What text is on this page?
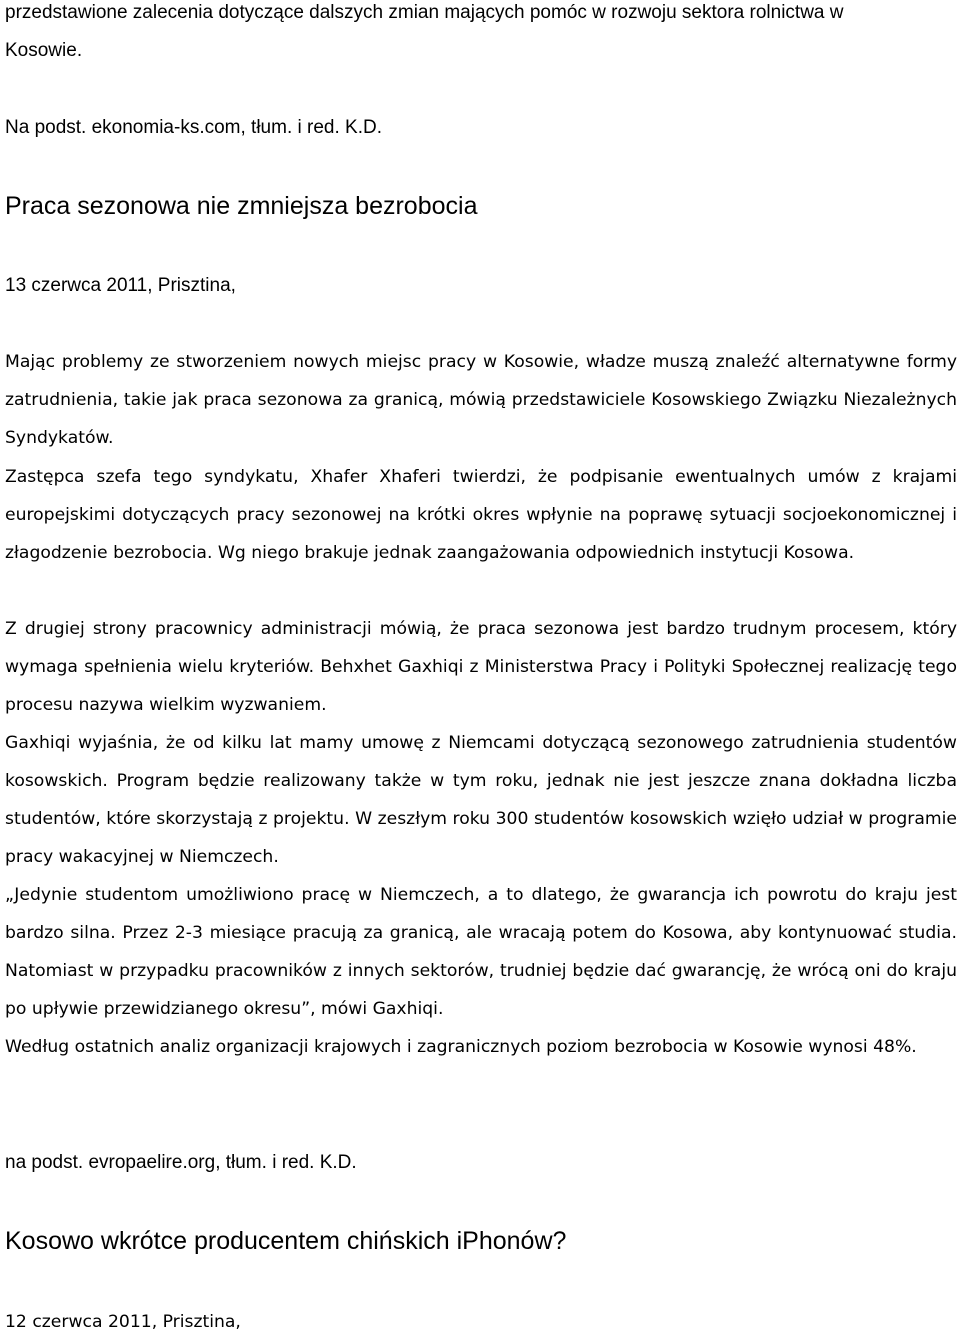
przedstawione zalecenia dotyczące dalszych zmian mających pomóc w rozwoju sektora rolnictwa w

Kosowie.

Na podst. ekonomia-ks.com, tłum. i red. K.D.

Praca sezonowa nie zmniejsza bezrobocia

13 czerwca 2011, Prisztina,

Mając problemy ze stworzeniem nowych miejsc pracy w Kosowie, władze muszą znaleźć alternatywne formy zatrudnienia, takie jak praca sezonowa za granicą, mówią przedstawiciele Kosowskiego Związku Niezależnych Syndykatów.

Zastępca szefa tego syndykatu, Xhafer Xhaferi twierdzi, że podpisanie ewentualnych umów z krajami europejskimi dotyczących pracy sezonowej na krótki okres wpłynie na poprawę sytuacji socjoekonomicznej i złagodzenie bezrobocia. Wg niego brakuje jednak zaangażowania odpowiednich instytucji Kosowa.

Z drugiej strony pracownicy administracji mówią, że praca sezonowa jest bardzo trudnym procesem, który wymaga spełnienia wielu kryteriów. Behxhet Gaxhiqi z Ministerstwa Pracy i Polityki Społecznej realizację tego procesu nazywa wielkim wyzwaniem.

Gaxhiqi wyjaśnia, że od kilku lat mamy umowę z Niemcami dotyczącą sezonowego zatrudnienia studentów kosowskich. Program będzie realizowany także w tym roku, jednak nie jest jeszcze znana dokładna liczba studentów, które skorzystają z projektu. W zeszłym roku 300 studentów kosowskich wzięło udział w programie pracy wakacyjnej w Niemczech.

„Jedynie studentom umożliwiono pracę w Niemczech, a to dlatego, że gwarancja ich powrotu do kraju jest bardzo silna. Przez 2-3 miesiące pracują za granicą, ale wracają potem do Kosowa, aby kontynuować studia. Natomiast w przypadku pracowników z innych sektorów, trudniej będzie dać gwarancję, że wrócą oni do kraju po upływie przewidzianego okresu”, mówi Gaxhiqi.

Według ostatnich analiz organizacji krajowych i zagranicznych poziom bezrobocia w Kosowie wynosi 48%.

na podst. evropaelire.org, tłum. i red. K.D.

Kosowo wkrótce producentem chińskich iPhonów?

12 czerwca 2011, Prisztina,
